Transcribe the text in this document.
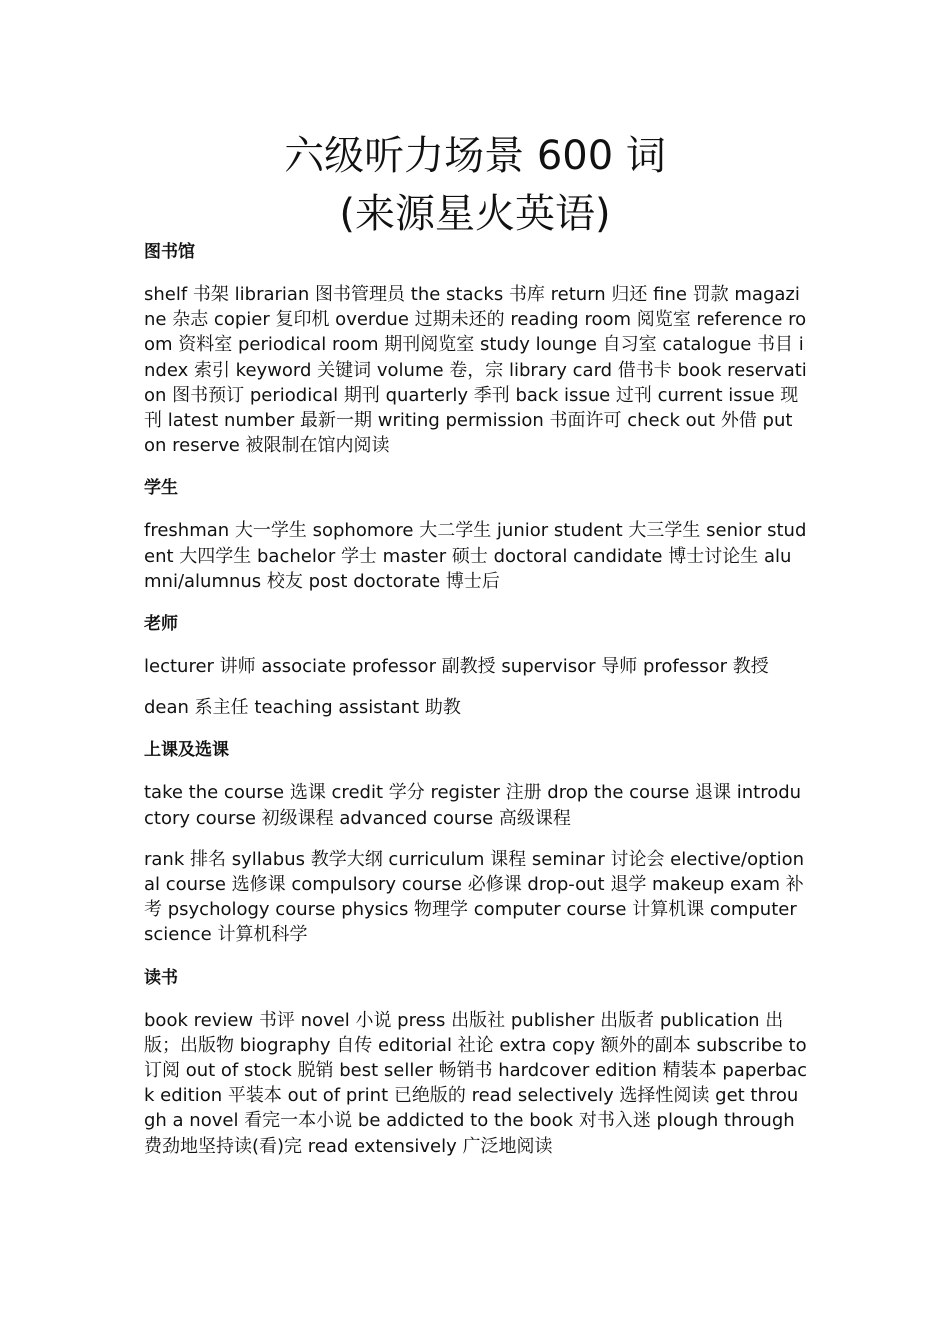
六级听力场景 600 词
(来源星火英语)
图书馆

shelf 书架 librarian 图书管理员 the stacks 书库 return 归还 fine 罚款 magazine 杂志 copier 复印机 overdue 过期未还的 reading room 阅览室 reference room 资料室 periodical room 期刊阅览室 study lounge 自习室 catalogue 书目 index 索引 keyword 关键词 volume 卷，宗 library card 借书卡 book reservation 图书预订 periodical 期刊 quarterly 季刊 back issue 过刊 current issue 现刊 latest number 最新一期 writing permission 书面许可 check out 外借 put on reserve 被限制在馆内阅读

学生

freshman 大一学生 sophomore 大二学生 junior student 大三学生 senior student 大四学生 bachelor 学士 master 硕士 doctoral candidate 博士讨论生 alumni/alumnus 校友 post doctorate 博士后

老师

lecturer 讲师 associate professor 副教授 supervisor 导师 professor 教授

dean 系主任 teaching assistant 助教

上课及选课

take the course 选课 credit 学分 register 注册 drop the course 退课 introductory course 初级课程 advanced course 高级课程

rank 排名 syllabus 教学大纲 curriculum 课程 seminar 讨论会 elective/optional course 选修课 compulsory course 必修课 drop-out 退学 makeup exam 补考 psychology course physics 物理学 computer course 计算机课 computer science 计算机科学

读书

book review 书评 novel 小说 press 出版社 publisher 出版者 publication 出版；出版物 biography 自传 editorial 社论 extra copy 额外的副本 subscribe to 订阅 out of stock 脱销 best seller 畅销书 hardcover edition 精装本 paperback edition 平装本 out of print 已绝版的 read selectively 选择性阅读 get through a novel 看完一本小说 be addicted to the book 对书入迷 plough through 费劲地坚持读(看)完 read extensively 广泛地阅读
